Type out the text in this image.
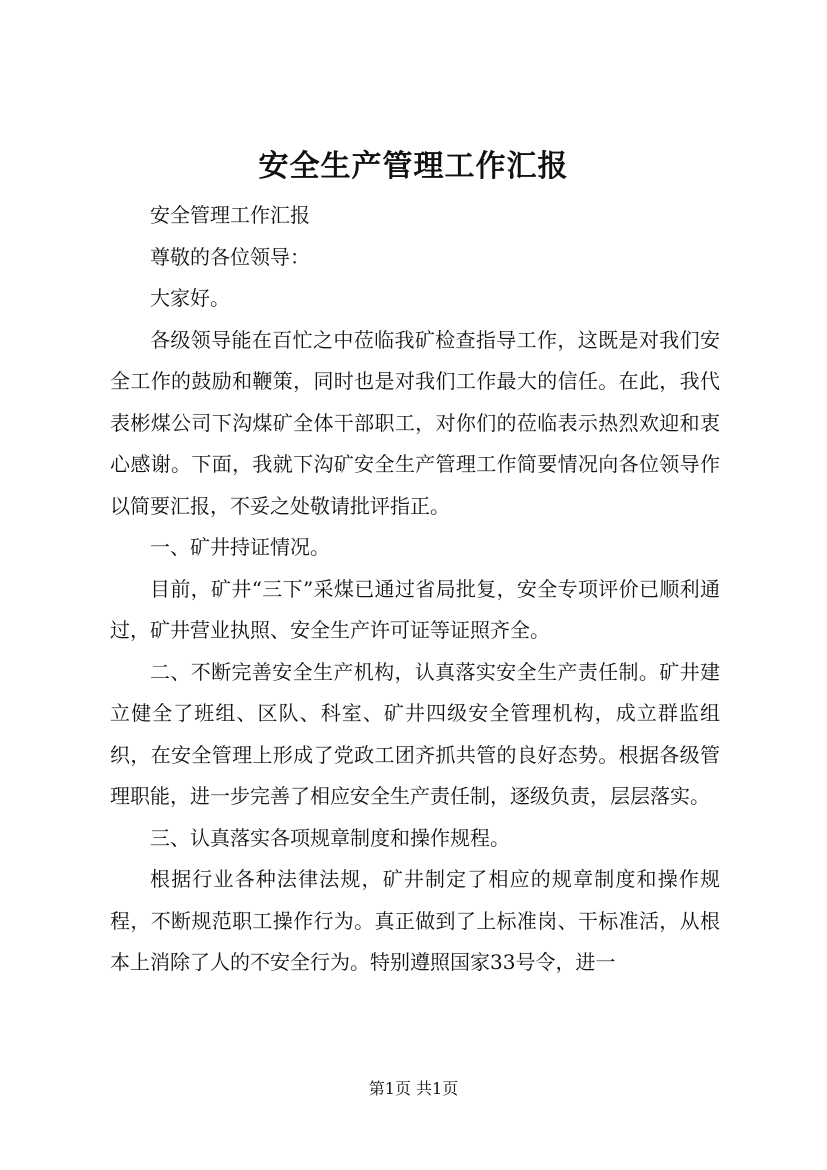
安全生产管理工作汇报

安全管理工作汇报

尊敬的各位领导：

大家好。

各级领导能在百忙之中莅临我矿检查指导工作，这既是对我们安全工作的鼓励和鞭策，同时也是对我们工作最大的信任。在此，我代表彬煤公司下沟煤矿全体干部职工，对你们的莅临表示热烈欢迎和衷心感谢。下面，我就下沟矿安全生产管理工作简要情况向各位领导作以简要汇报，不妥之处敬请批评指正。

一、矿井持证情况。

目前，矿井“三下”采煤已通过省局批复，安全专项评价已顺利通过，矿井营业执照、安全生产许可证等证照齐全。

二、不断完善安全生产机构，认真落实安全生产责任制。矿井建立健全了班组、区队、科室、矿井四级安全管理机构，成立群监组织，在安全管理上形成了党政工团齐抓共管的良好态势。根据各级管理职能，进一步完善了相应安全生产责任制，逐级负责，层层落实。

三、认真落实各项规章制度和操作规程。

根据行业各种法律法规，矿井制定了相应的规章制度和操作规程，不断规范职工操作行为。真正做到了上标准岗、干标准活，从根本上消除了人的不安全行为。特别遵照国家33号令，进一

第1页 共1页
